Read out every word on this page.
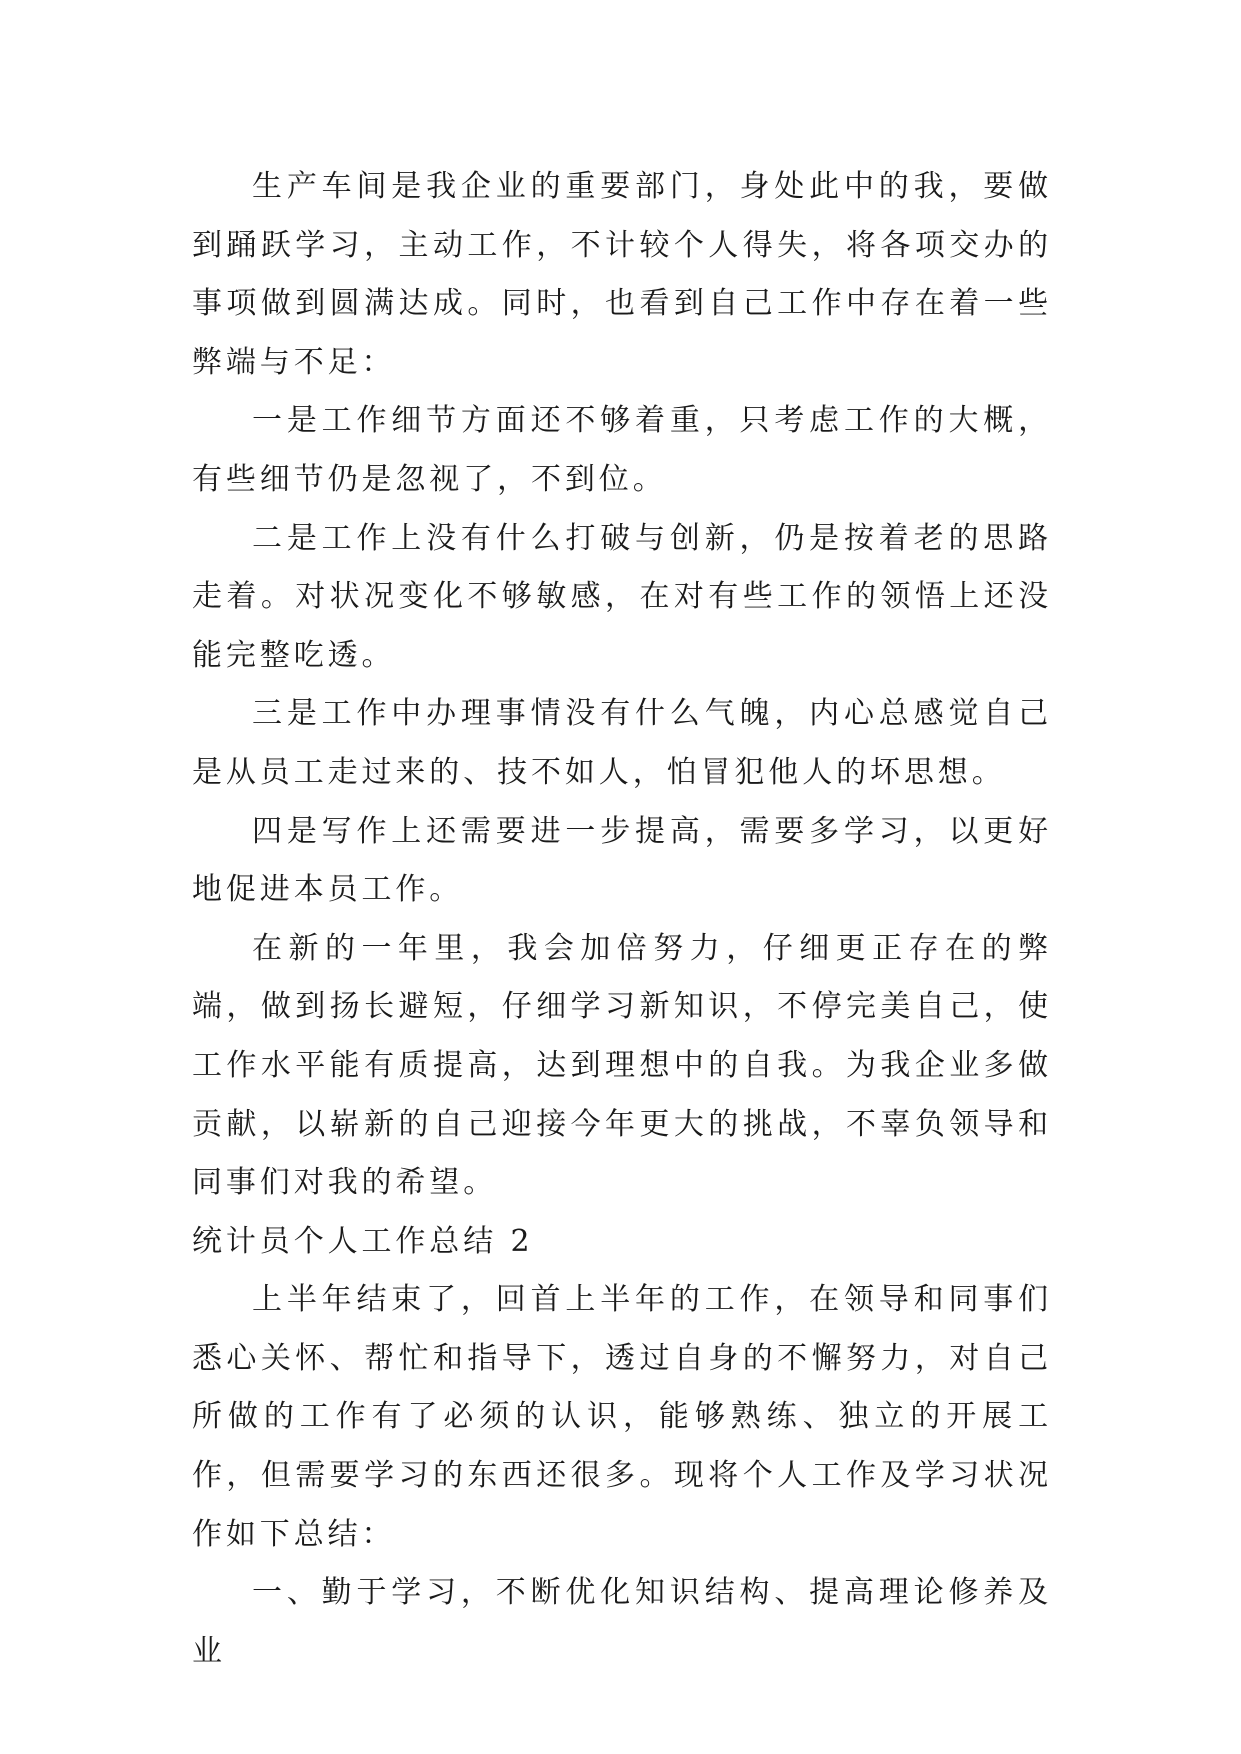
生产车间是我企业的重要部门，身处此中的我，要做到踊跃学习，主动工作，不计较个人得失，将各项交办的事项做到圆满达成。同时，也看到自己工作中存在着一些弊端与不足：

一是工作细节方面还不够着重，只考虑工作的大概，有些细节仍是忽视了，不到位。

二是工作上没有什么打破与创新，仍是按着老的思路走着。对状况变化不够敏感，在对有些工作的领悟上还没能完整吃透。

三是工作中办理事情没有什么气魄，内心总感觉自己是从员工走过来的、技不如人，怕冒犯他人的坏思想。

四是写作上还需要进一步提高，需要多学习，以更好地促进本员工作。

在新的一年里，我会加倍努力，仔细更正存在的弊端，做到扬长避短，仔细学习新知识，不停完美自己，使工作水平能有质提高，达到理想中的自我。为我企业多做贡献，以崭新的自己迎接今年更大的挑战，不辜负领导和同事们对我的希望。

统计员个人工作总结 2

上半年结束了，回首上半年的工作，在领导和同事们悉心关怀、帮忙和指导下，透过自身的不懈努力，对自己所做的工作有了必须的认识，能够熟练、独立的开展工作，但需要学习的东西还很多。现将个人工作及学习状况作如下总结：

一、勤于学习，不断优化知识结构、提高理论修养及业
